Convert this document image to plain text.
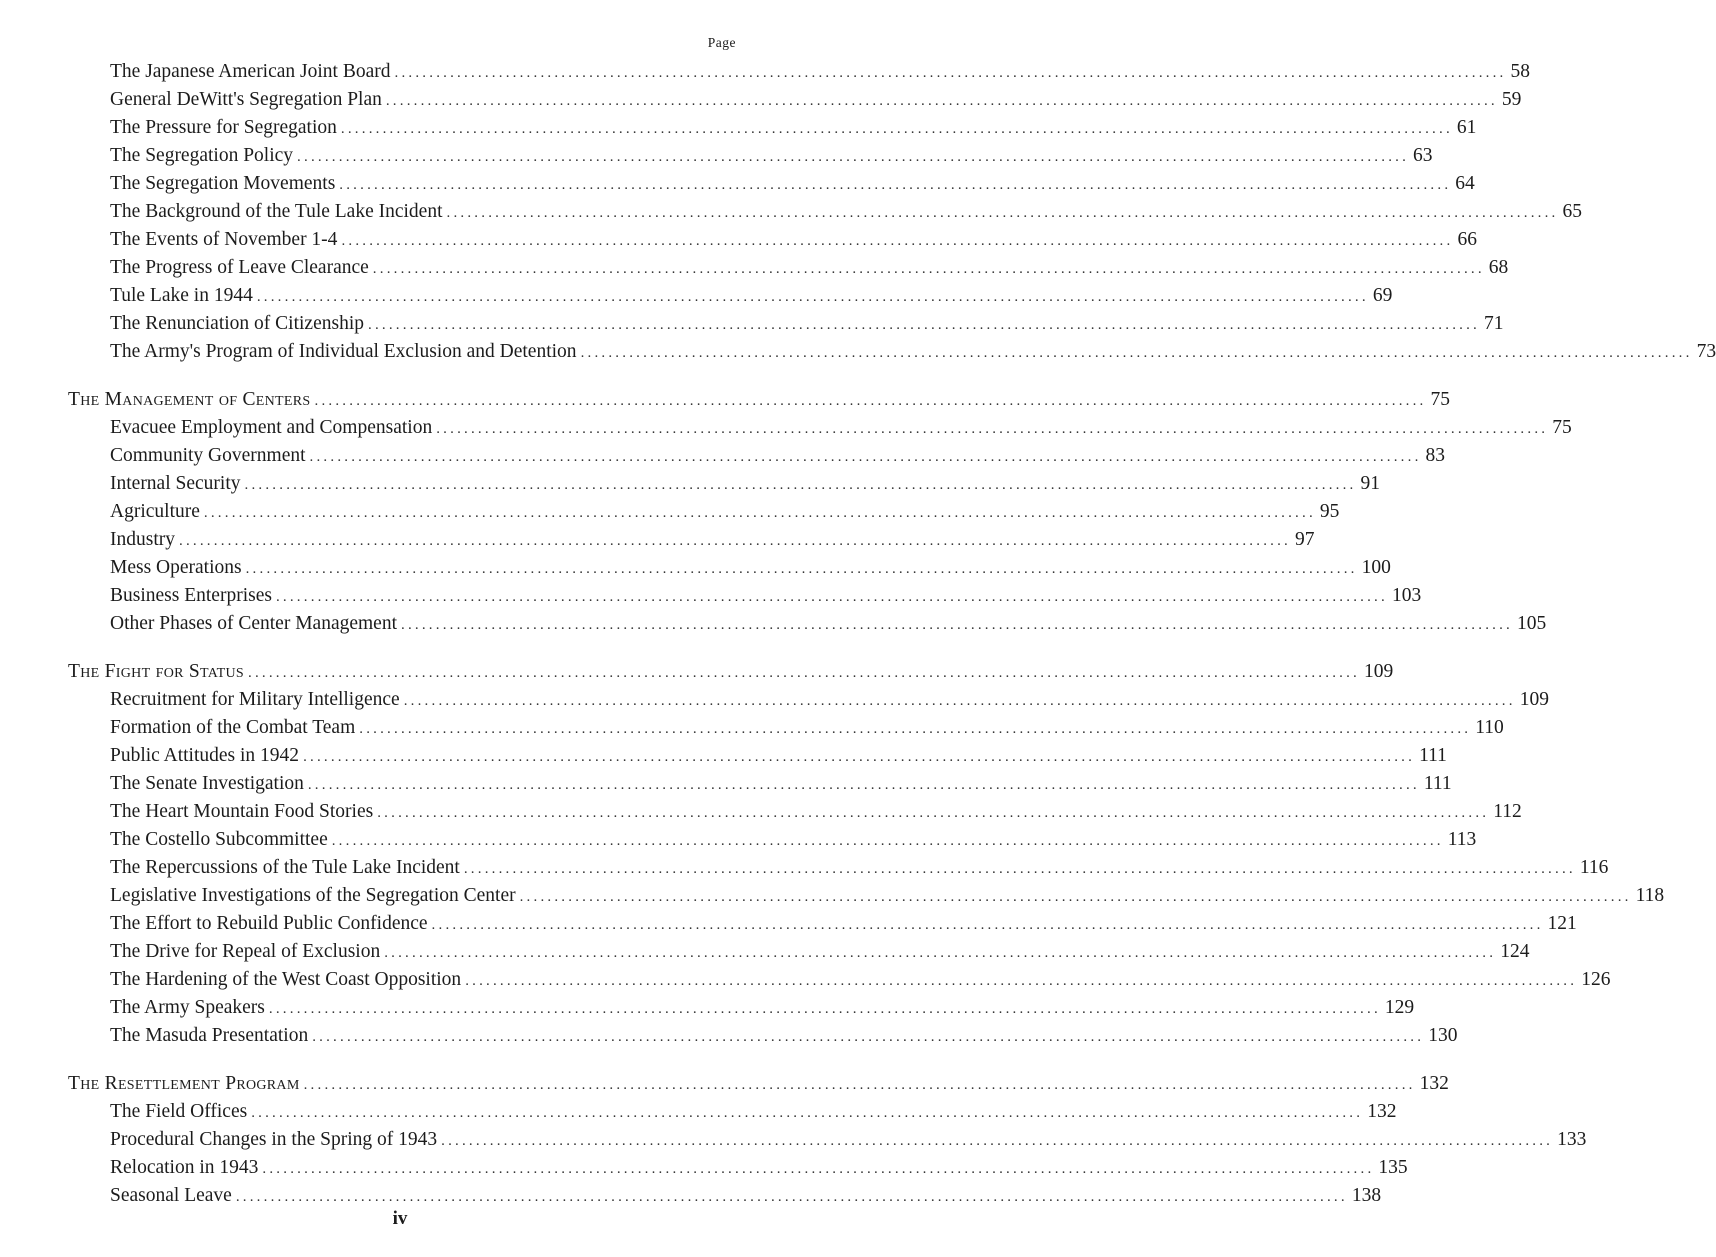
Page
The Japanese American Joint Board ................................................................................................................................................................ 58
General DeWitt's Segregation Plan ................................................................................................................................................................ 59
The Pressure for Segregation ................................................................................................................................................................ 61
The Segregation Policy ................................................................................................................................................................ 63
The Segregation Movements ................................................................................................................................................................ 64
The Background of the Tule Lake Incident ................................................................................................................................................................ 65
The Events of November 1-4 ................................................................................................................................................................ 66
The Progress of Leave Clearance ................................................................................................................................................................ 68
Tule Lake in 1944 ................................................................................................................................................................ 69
The Renunciation of Citizenship ................................................................................................................................................................ 71
The Army's Program of Individual Exclusion and Detention ................................................................................................................................................................ 73
The Management of Centers ................................................................................................................................................................ 75
Evacuee Employment and Compensation ................................................................................................................................................................ 75
Community Government ................................................................................................................................................................ 83
Internal Security ................................................................................................................................................................ 91
Agriculture ................................................................................................................................................................ 95
Industry ................................................................................................................................................................ 97
Mess Operations ................................................................................................................................................................ 100
Business Enterprises ................................................................................................................................................................ 103
Other Phases of Center Management ................................................................................................................................................................ 105
The Fight for Status ................................................................................................................................................................ 109
Recruitment for Military Intelligence ................................................................................................................................................................ 109
Formation of the Combat Team ................................................................................................................................................................ 110
Public Attitudes in 1942 ................................................................................................................................................................ 111
The Senate Investigation ................................................................................................................................................................ 111
The Heart Mountain Food Stories ................................................................................................................................................................ 112
The Costello Subcommittee ................................................................................................................................................................ 113
The Repercussions of the Tule Lake Incident ................................................................................................................................................................ 116
Legislative Investigations of the Segregation Center ................................................................................................................................................................ 118
The Effort to Rebuild Public Confidence ................................................................................................................................................................ 121
The Drive for Repeal of Exclusion ................................................................................................................................................................ 124
The Hardening of the West Coast Opposition ................................................................................................................................................................ 126
The Army Speakers ................................................................................................................................................................ 129
The Masuda Presentation ................................................................................................................................................................ 130
The Resettlement Program ................................................................................................................................................................ 132
The Field Offices ................................................................................................................................................................ 132
Procedural Changes in the Spring of 1943 ................................................................................................................................................................ 133
Relocation in 1943 ................................................................................................................................................................ 135
Seasonal Leave ................................................................................................................................................................ 138
iv
